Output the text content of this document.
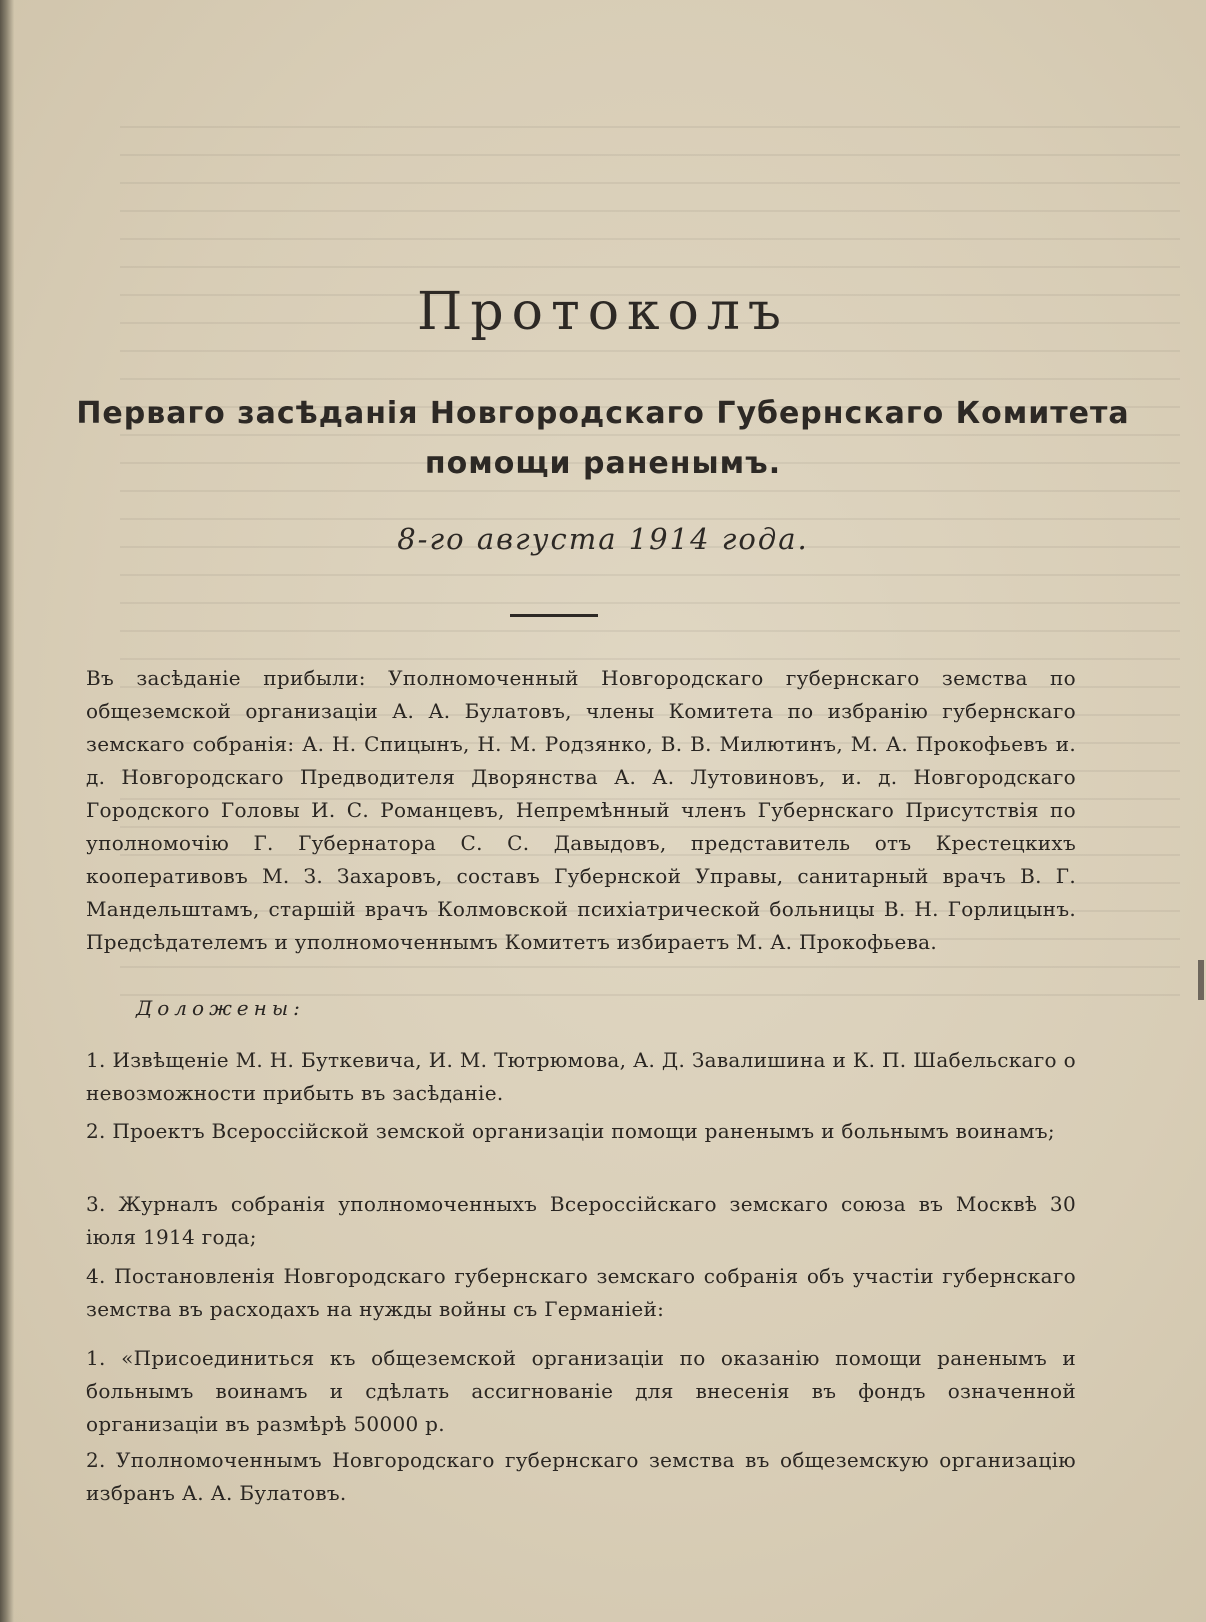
Протоколъ
Перваго засѣданія Новгородскаго Губернскаго Комитета
помощи раненымъ.
8-го августа 1914 года.
Въ засѣданіе прибыли: Уполномоченный Новгородскаго губернскаго земства по общеземской организаціи А. А. Булатовъ, члены Комитета по избранію губернскаго земскаго собранія: А. Н. Спицынъ, Н. М. Родзянко, В. В. Милютинъ, М. А. Прокофьевъ и. д. Новгородскаго Предводителя Дворянства А. А. Лутовиновъ, и. д. Новгородскаго Городского Головы И. С. Романцевъ, Непремѣнный членъ Губернскаго Присутствія по уполномочію Г. Губернатора С. С. Давыдовъ, представитель отъ Крестецкихъ кооперативовъ М. З. Захаровъ, составъ Губернской Управы, санитарный врачъ В. Г. Мандельштамъ, старшій врачъ Колмовской психіатрической больницы В. Н. Горлицынъ. Предсѣдателемъ и уполномоченнымъ Комитетъ избираетъ М. А. Прокофьева.
Доложены:
1. Извѣщеніе М. Н. Буткевича, И. М. Тютрюмова, А. Д. Завалишина и К. П. Шабельскаго о невозможности прибыть въ засѣданіе.
2. Проектъ Всероссійской земской организаціи помощи раненымъ и больнымъ воинамъ;
3. Журналъ собранія уполномоченныхъ Всероссійскаго земскаго союза въ Москвѣ 30 іюля 1914 года;
4. Постановленія Новгородскаго губернскаго земскаго собранія объ участіи губернскаго земства въ расходахъ на нужды войны съ Германіей:
1. «Присоединиться къ общеземской организаціи по оказанію помощи раненымъ и больнымъ воинамъ и сдѣлать ассигнованіе для внесенія въ фондъ означенной организаціи въ размѣрѣ 50000 р.
2. Уполномоченнымъ Новгородскаго губернскаго земства въ общеземскую организацію избранъ А. А. Булатовъ.
